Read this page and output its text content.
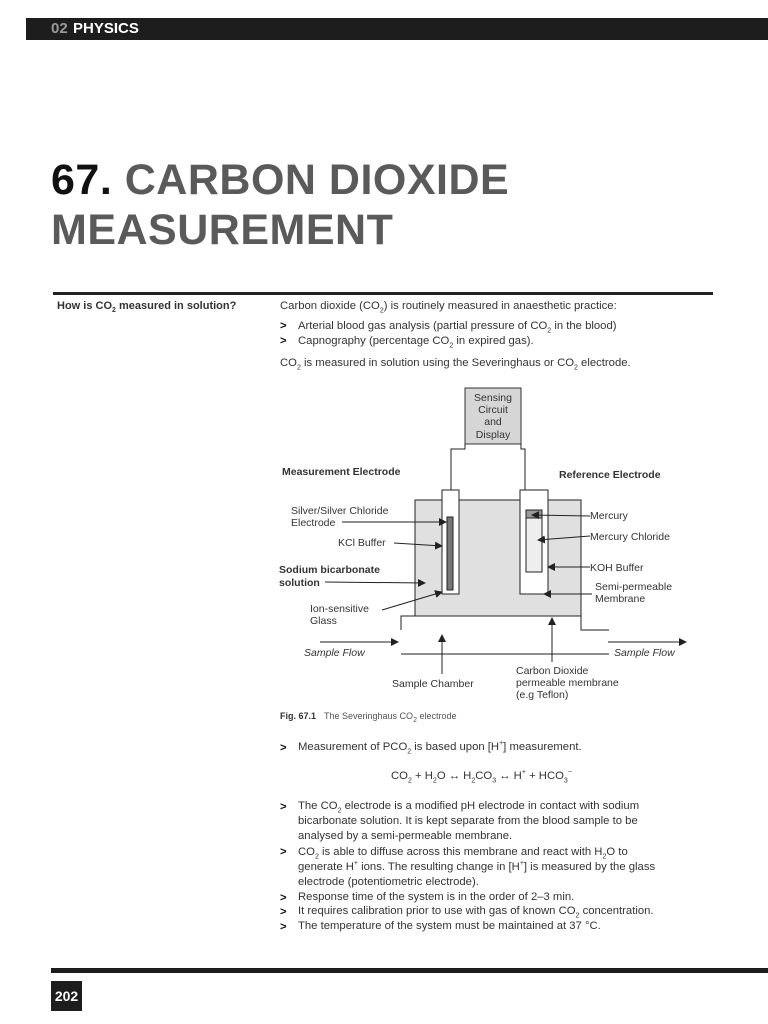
02 PHYSICS
67. CARBON DIOXIDE
MEASUREMENT
How is $CO_2$ measured in solution?	Carbon dioxide $(CO_2)$ is routinely measured in anaesthetic practice:
> Arterial blood gas analysis (partial pressure of $CO_2$ in the blood)
> Capnography (percentage $CO_2$ in expired gas).
$CO_2$ is measured in solution using the Severinghaus or $CO_2$ electrode.
Sensing
Circuit
and
Display
Measurement Electrode	Reference Electrode
Silver/Silver Chloride
Electrode
KCl Buffer
Sodium bicarbonate
solution
Ion-sensitive
Glass
Mercury
Mercury Chloride
KOH Buffer
Semi-permeable
Membrane
Sample Flow	Sample Flow
Sample Chamber
Carbon Dioxide
permeable membrane
(e.g Teflon)
Fig. 67.1 The Severinghaus $CO_2$ electrode
> Measurement of $PCO_2$ is based upon [H+] measurement.
$CO_2 + H_2O$ ↔ $H_2CO_3$ ↔ $H^+ + HCO_3^-$
> The $CO_2$ electrode is a modified pH electrode in contact with sodium
bicarbonate solution. It is kept separate from the blood sample to be
analysed by a semi-permeable membrane.
> $CO_2$ is able to diffuse across this membrane and react with $H_2O$ to
generate H+ ions. The resulting change in [H+] is measured by the glass
electrode (potentiometric electrode).
> Response time of the system is in the order of 2–3 min.
> It requires calibration prior to use with gas of known $CO_2$ concentration.
> The temperature of the system must be maintained at 37 °C.
202
